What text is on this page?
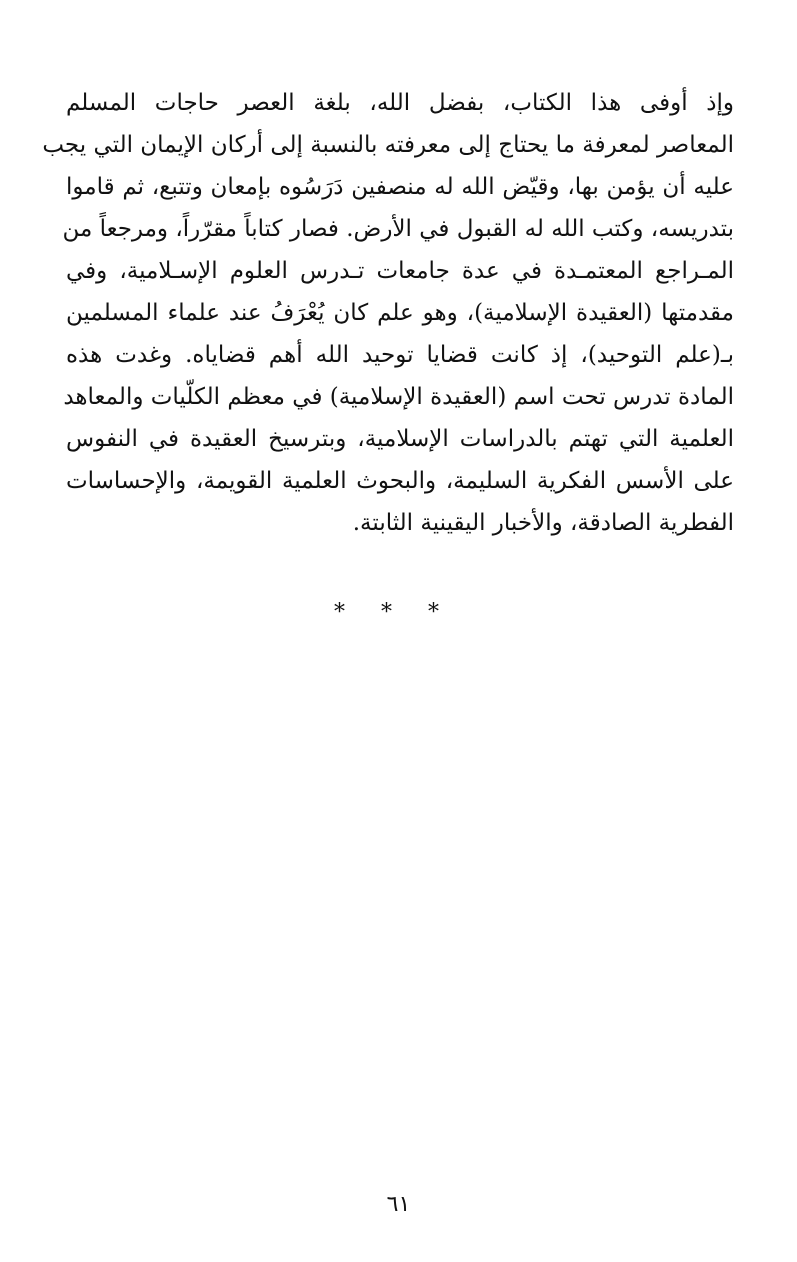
وإذ أوفى هذا الكتاب، بفضل الله، بلغة العصر حاجات المسلم
المعاصر لمعرفة ما يحتاج إلى معرفته بالنسبة إلى أركان الإيمان التي يجب
عليه أن يؤمن بها، وقيّض الله له منصفين دَرَسُوه بإمعان وتتبع، ثم قاموا
بتدريسه، وكتب الله له القبول في الأرض. فصار كتاباً مقرّراً، ومرجعاً من
المـراجع المعتمـدة في عدة جامعات تـدرس العلوم الإسـلامية، وفي
مقدمتها (العقيدة الإسلامية)، وهو علم كان يُعْرَفُ عند علماء المسلمين
بـ(علم التوحيد)، إذ كانت قضايا توحيد الله أهم قضاياه. وغدت هذه
المادة تدرس تحت اسم (العقيدة الإسلامية) في معظم الكلّيات والمعاهد
العلمية التي تهتم بالدراسات الإسلامية، وبترسيخ العقيدة في النفوس
على الأسس الفكرية السليمة، والبحوث العلمية القويمة، والإحساسات
الفطرية الصادقة، والأخبار اليقينية الثابتة.
* * *
٦١
